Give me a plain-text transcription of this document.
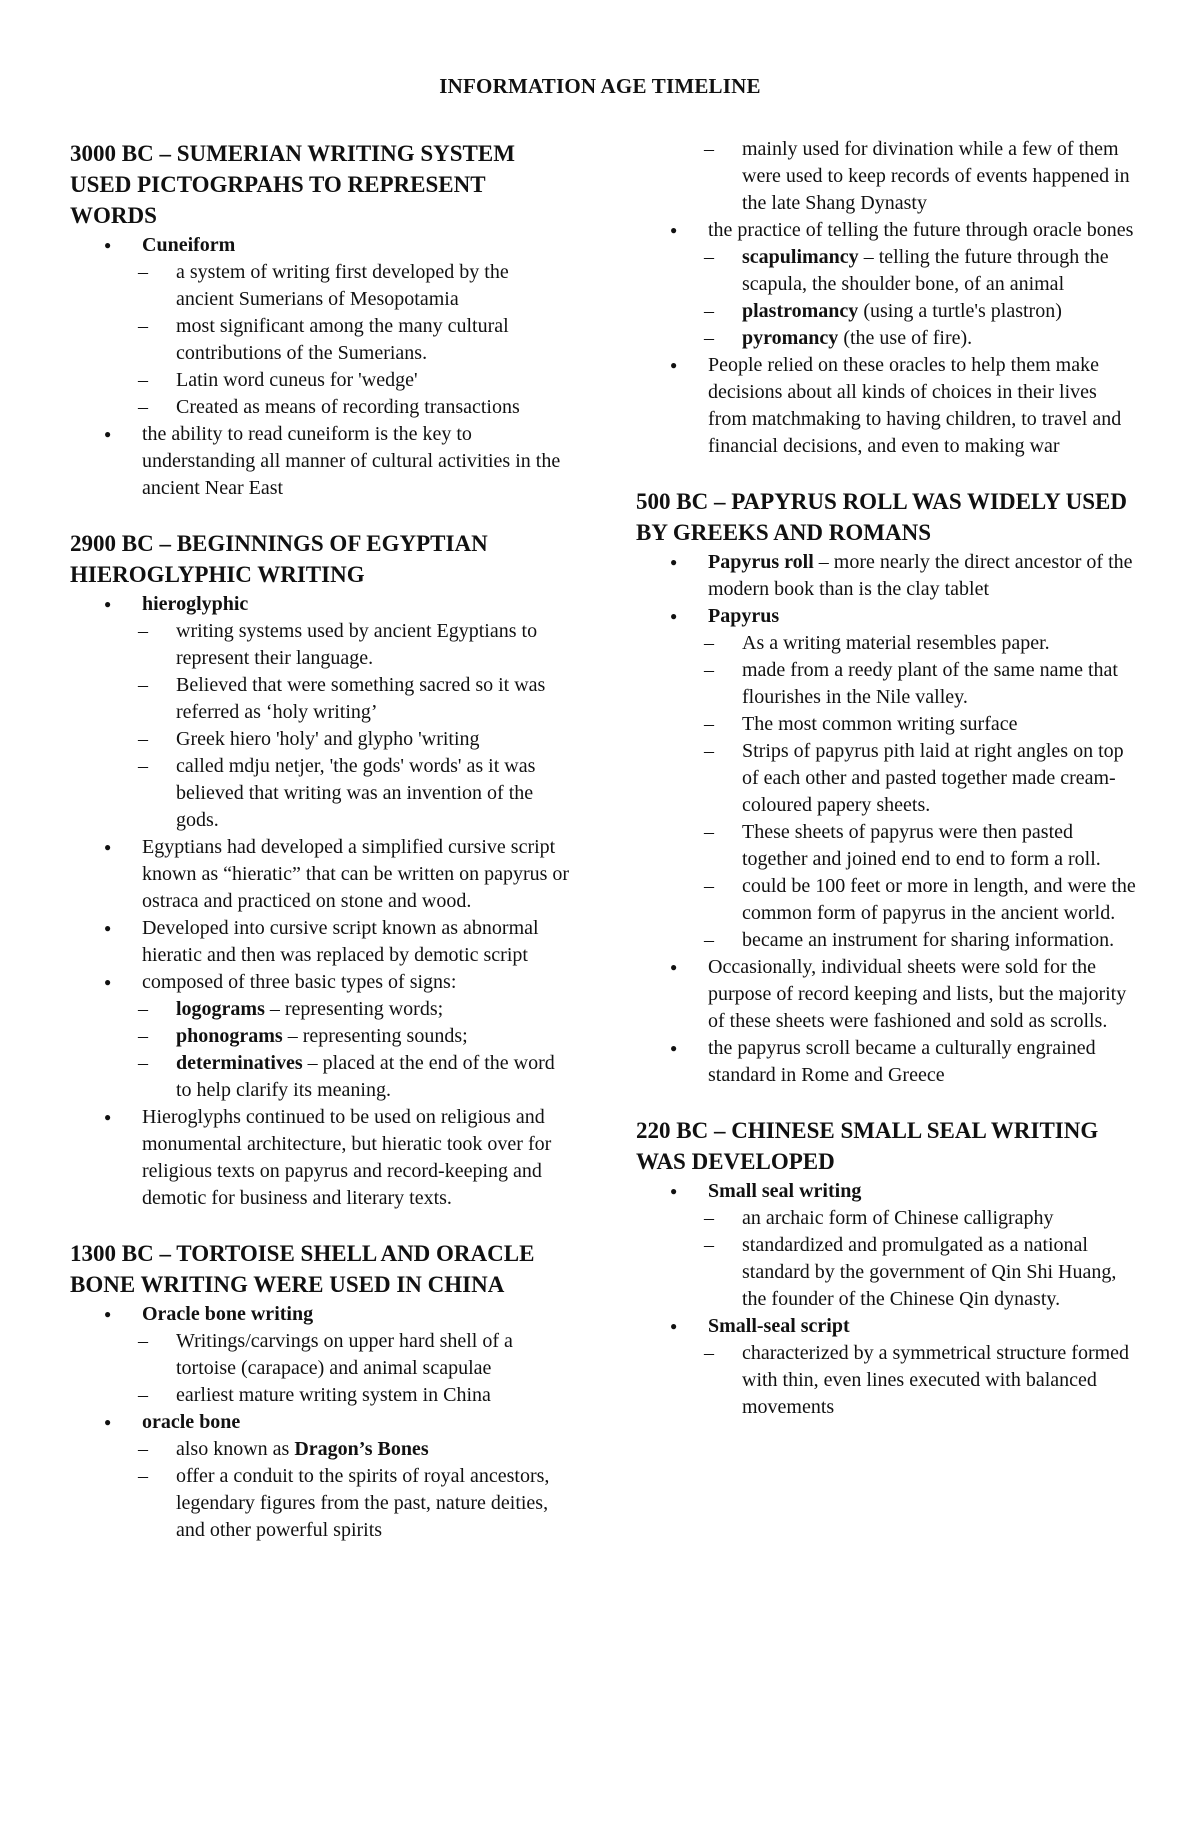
INFORMATION AGE TIMELINE
3000 BC – SUMERIAN WRITING SYSTEM USED PICTOGRPAHS TO REPRESENT WORDS
● Cuneiform
– a system of writing first developed by the ancient Sumerians of Mesopotamia
– most significant among the many cultural contributions of the Sumerians.
– Latin word cuneus for 'wedge'
– Created as means of recording transactions
● the ability to read cuneiform is the key to understanding all manner of cultural activities in the ancient Near East
2900 BC – BEGINNINGS OF EGYPTIAN HIEROGLYPHIC WRITING
● hieroglyphic
– writing systems used by ancient Egyptians to represent their language.
– Believed that were something sacred so it was referred as ‘holy writing’
– Greek hiero 'holy' and glypho 'writing
– called mdju netjer, 'the gods' words' as it was believed that writing was an invention of the gods.
● Egyptians had developed a simplified cursive script known as “hieratic” that can be written on papyrus or ostraca and practiced on stone and wood.
● Developed into cursive script known as abnormal hieratic and then was replaced by demotic script
● composed of three basic types of signs:
– logograms – representing words;
– phonograms – representing sounds;
– determinatives – placed at the end of the word to help clarify its meaning.
● Hieroglyphs continued to be used on religious and monumental architecture, but hieratic took over for religious texts on papyrus and record-keeping and demotic for business and literary texts.
1300 BC – TORTOISE SHELL AND ORACLE BONE WRITING WERE USED IN CHINA
● Oracle bone writing
– Writings/carvings on upper hard shell of a tortoise (carapace) and animal scapulae
– earliest mature writing system in China
● oracle bone
– also known as Dragon’s Bones
– offer a conduit to the spirits of royal ancestors, legendary figures from the past, nature deities, and other powerful spirits
– mainly used for divination while a few of them were used to keep records of events happened in the late Shang Dynasty
● the practice of telling the future through oracle bones
– scapulimancy – telling the future through the scapula, the shoulder bone, of an animal
– plastromancy (using a turtle's plastron)
– pyromancy (the use of fire).
● People relied on these oracles to help them make decisions about all kinds of choices in their lives from matchmaking to having children, to travel and financial decisions, and even to making war
500 BC – PAPYRUS ROLL WAS WIDELY USED BY GREEKS AND ROMANS
● Papyrus roll – more nearly the direct ancestor of the modern book than is the clay tablet
● Papyrus
– As a writing material resembles paper.
– made from a reedy plant of the same name that flourishes in the Nile valley.
– The most common writing surface
– Strips of papyrus pith laid at right angles on top of each other and pasted together made cream-coloured papery sheets.
– These sheets of papyrus were then pasted together and joined end to end to form a roll.
– could be 100 feet or more in length, and were the common form of papyrus in the ancient world.
– became an instrument for sharing information.
● Occasionally, individual sheets were sold for the purpose of record keeping and lists, but the majority of these sheets were fashioned and sold as scrolls.
● the papyrus scroll became a culturally engrained standard in Rome and Greece
220 BC – CHINESE SMALL SEAL WRITING WAS DEVELOPED
● Small seal writing
– an archaic form of Chinese calligraphy
– standardized and promulgated as a national standard by the government of Qin Shi Huang, the founder of the Chinese Qin dynasty.
● Small-seal script
– characterized by a symmetrical structure formed with thin, even lines executed with balanced movements
